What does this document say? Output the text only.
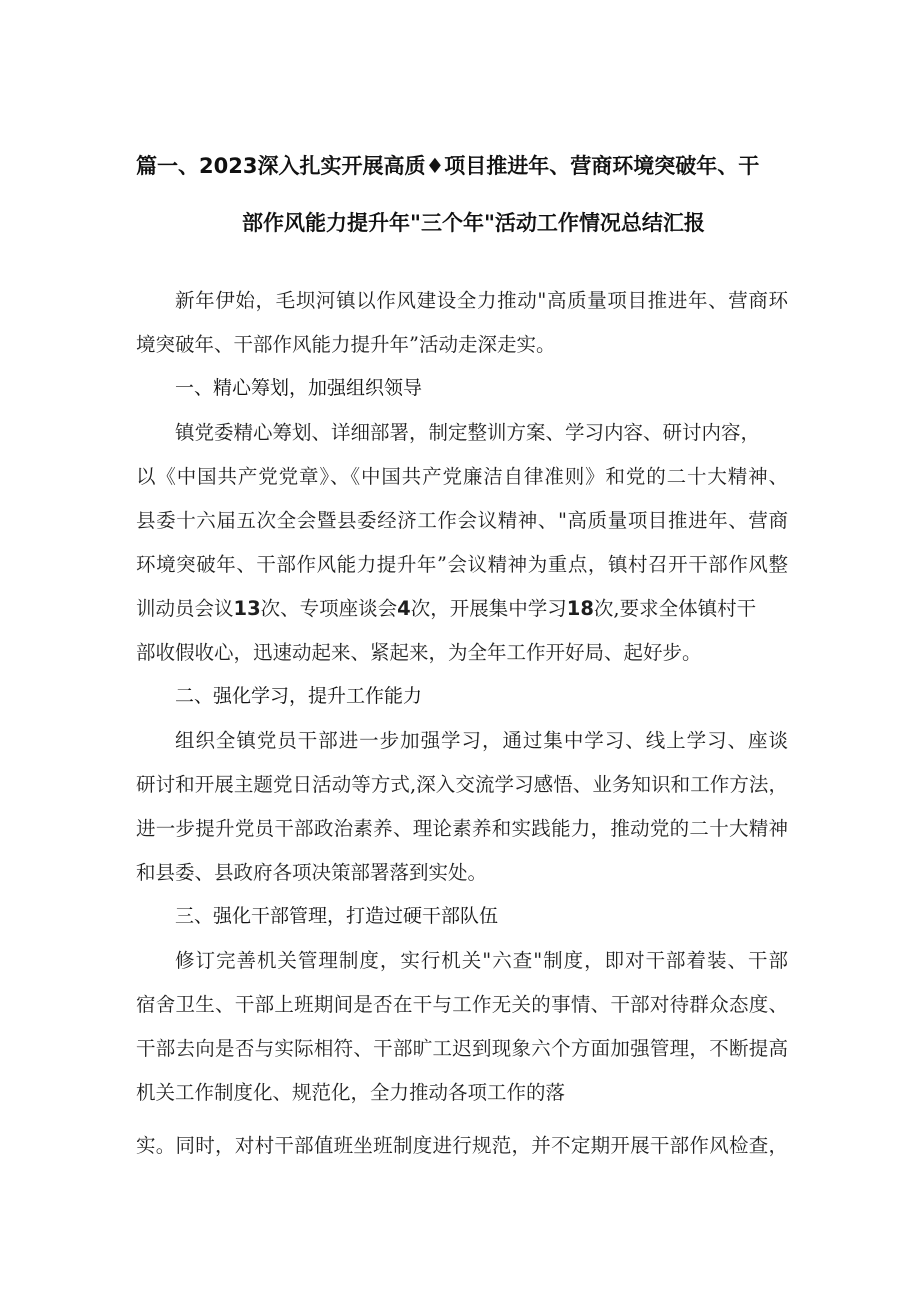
篇一、2023深入扎实开展高质♦项目推进年、营商环境突破年、干
部作风能力提升年"三个年"活动工作情况总结汇报

新年伊始，毛坝河镇以作风建设全力推动"高质量项目推进年、营商环

境突破年、干部作风能力提升年”活动走深走实。

一、精心筹划，加强组织领导

镇党委精心筹划、详细部署，制定整训方案、学习内容、研讨内容，

以《中国共产党党章》、《中国共产党廉洁自律准则》和党的二十大精神、

县委十六届五次全会暨县委经济工作会议精神、"高质量项目推进年、营商

环境突破年、干部作风能力提升年”会议精神为重点，镇村召开干部作风整

训动员会议13次、专项座谈会4次，开展集中学习18次,要求全体镇村干

部收假收心，迅速动起来、紧起来，为全年工作开好局、起好步。

二、强化学习，提升工作能力

组织全镇党员干部进一步加强学习，通过集中学习、线上学习、座谈

研讨和开展主题党日活动等方式,深入交流学习感悟、业务知识和工作方法，

进一步提升党员干部政治素养、理论素养和实践能力，推动党的二十大精神

和县委、县政府各项决策部署落到实处。

三、强化干部管理，打造过硬干部队伍

修订完善机关管理制度，实行机关"六查"制度，即对干部着装、干部

宿舍卫生、干部上班期间是否在干与工作无关的事情、干部对待群众态度、

干部去向是否与实际相符、干部旷工迟到现象六个方面加强管理，不断提高

机关工作制度化、规范化，全力推动各项工作的落

实。同时，对村干部值班坐班制度进行规范，并不定期开展干部作风检查，
